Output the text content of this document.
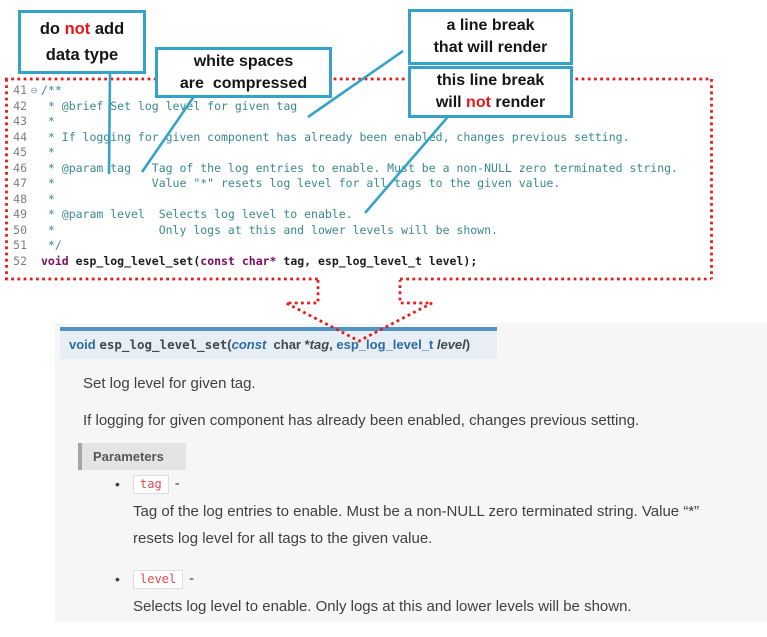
do not add
data type	white spaces
are  compressed
a line break
that will render
this line break
will not render
41 ⊖ /**
42 * @brief Set log level for given tag
43 *
44 * If logging for given component has already been enabled, changes previous setting.
45 *
46 * @param tag   Tag of the log entries to enable. Must be a non-NULL zero terminated string.
47 *              Value "*" resets log level for all tags to the given value.
48 *
49 * @param level  Selects log level to enable.
50 *               Only logs at this and lower levels will be shown.
51 */
52 void esp_log_level_set(const char* tag, esp_log_level_t level);
void esp_log_level_set(const char *tag, esp_log_level_t level)
Set log level for given tag.
If logging for given component has already been enabled, changes previous setting.
Parameters
• tag -
Tag of the log entries to enable. Must be a non-NULL zero terminated string. Value “*” resets log level for all tags to the given value.
• level -
Selects log level to enable. Only logs at this and lower levels will be shown.
